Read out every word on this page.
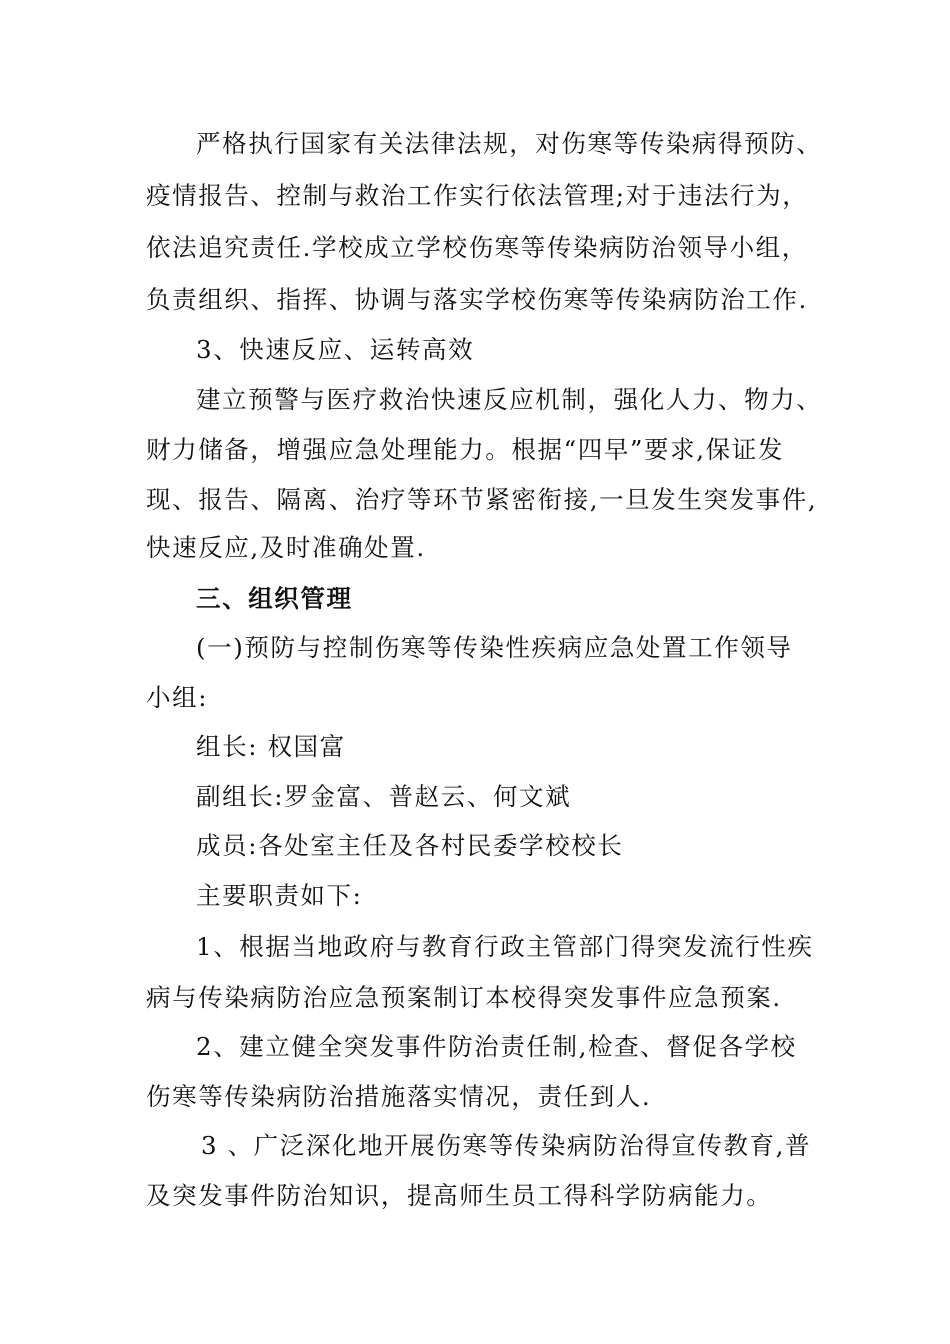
严格执行国家有关法律法规，对伤寒等传染病得预防、
疫情报告、控制与救治工作实行依法管理;对于违法行为，
依法追究责任.学校成立学校伤寒等传染病防治领导小组，
负责组织、指挥、协调与落实学校伤寒等传染病防治工作.
3、快速反应、运转高效
建立预警与医疗救治快速反应机制，强化人力、物力、
财力储备，增强应急处理能力。根据“四早”要求,保证发
现、报告、隔离、治疗等环节紧密衔接,一旦发生突发事件,
快速反应,及时准确处置.
三、组织管理
(一)预防与控制伤寒等传染性疾病应急处置工作领导
小组:
组长: 权国富
副组长:罗金富、普赵云、何文斌
成员:各处室主任及各村民委学校校长
主要职责如下:
1、根据当地政府与教育行政主管部门得突发流行性疾
病与传染病防治应急预案制订本校得突发事件应急预案.
2、建立健全突发事件防治责任制,检查、督促各学校
伤寒等传染病防治措施落实情况，责任到人.
3 、广泛深化地开展伤寒等传染病防治得宣传教育,普
及突发事件防治知识，提高师生员工得科学防病能力。
